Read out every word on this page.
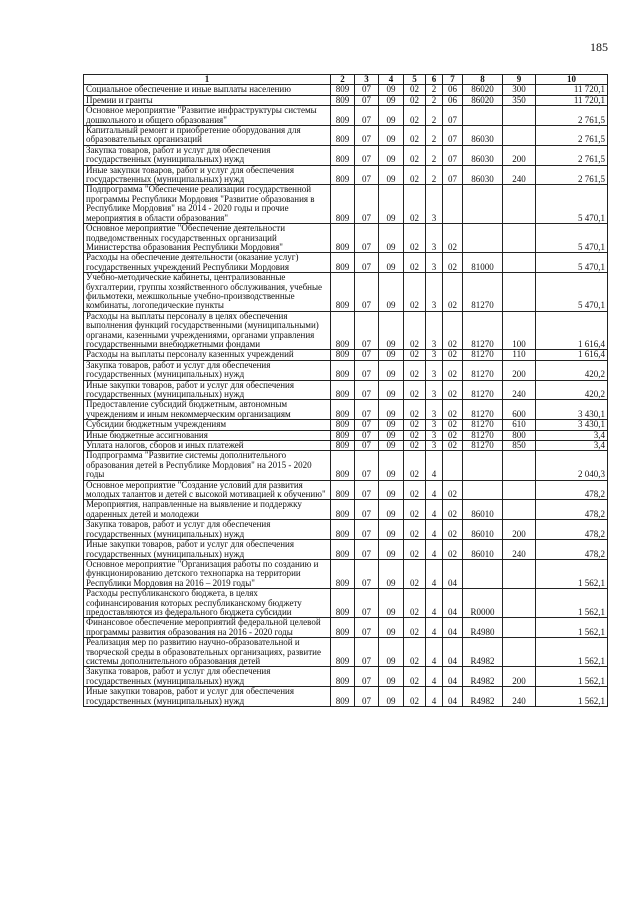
185
1	2	3	4	5	6	7	8	9	10
Социальное обеспечение и иные выплаты населению	809	07	09	02	2	06	86020	300	11 720,1
Премии и гранты	809	07	09	02	2	06	86020	350	11 720,1
Основное мероприятие "Развитие инфраструктуры системы дошкольного и общего образования"	809	07	09	02	2	07			2 761,5
Капитальный ремонт и приобретение оборудования для образовательных организаций	809	07	09	02	2	07	86030		2 761,5
Закупка товаров, работ и услуг для обеспечения государственных (муниципальных) нужд	809	07	09	02	2	07	86030	200	2 761,5
Иные закупки товаров, работ и услуг для обеспечения государственных (муниципальных) нужд	809	07	09	02	2	07	86030	240	2 761,5
Подпрограмма "Обеспечение реализации государственной программы Республики Мордовия "Развитие образования в Республике Мордовия" на 2014 - 2020 годы и прочие мероприятия в области образования"	809	07	09	02	3				5 470,1
Основное мероприятие "Обеспечение деятельности подведомственных государственных организаций Министерства образования Республики Мордовия"	809	07	09	02	3	02			5 470,1
Расходы на обеспечение деятельности (оказание услуг) государственных учреждений Республики Мордовия	809	07	09	02	3	02	81000		5 470,1
Учебно-методические кабинеты, централизованные бухгалтерии, группы хозяйственного обслуживания, учебные фильмотеки, межшкольные учебно-производственные комбинаты, логопедические пункты	809	07	09	02	3	02	81270		5 470,1
Расходы на выплаты персоналу в целях обеспечения выполнения функций государственными (муниципальными) органами, казенными учреждениями, органами управления государственными внебюджетными фондами	809	07	09	02	3	02	81270	100	1 616,4
Расходы на выплаты персоналу казенных учреждений	809	07	09	02	3	02	81270	110	1 616,4
Закупка товаров, работ и услуг для обеспечения государственных (муниципальных) нужд	809	07	09	02	3	02	81270	200	420,2
Иные закупки товаров, работ и услуг для обеспечения государственных (муниципальных) нужд	809	07	09	02	3	02	81270	240	420,2
Предоставление субсидий бюджетным, автономным учреждениям и иным некоммерческим организациям	809	07	09	02	3	02	81270	600	3 430,1
Субсидии бюджетным учреждениям	809	07	09	02	3	02	81270	610	3 430,1
Иные бюджетные ассигнования	809	07	09	02	3	02	81270	800	3,4
Уплата налогов, сборов и иных платежей	809	07	09	02	3	02	81270	850	3,4
Подпрограмма "Развитие системы дополнительного образования детей в Республике Мордовия" на 2015 - 2020 годы	809	07	09	02	4				2 040,3
Основное мероприятие "Создание условий для развития молодых талантов и детей с высокой мотивацией к обучению"	809	07	09	02	4	02			478,2
Мероприятия, направленные на выявление и поддержку одаренных детей и молодежи	809	07	09	02	4	02	86010		478,2
Закупка товаров, работ и услуг для обеспечения государственных (муниципальных) нужд	809	07	09	02	4	02	86010	200	478,2
Иные закупки товаров, работ и услуг для обеспечения государственных (муниципальных) нужд	809	07	09	02	4	02	86010	240	478,2
Основное мероприятие "Организация работы по созданию и функционированию детского технопарка на территории Республики Мордовия на 2016 – 2019 годы"	809	07	09	02	4	04			1 562,1
Расходы республиканского бюджета, в целях софинансирования которых республиканскому бюджету предоставляются из федерального бюджета субсидии	809	07	09	02	4	04	R0000		1 562,1
Финансовое обеспечение мероприятий федеральной целевой программы развития образования на 2016 - 2020 годы	809	07	09	02	4	04	R4980		1 562,1
Реализация мер по развитию научно-образовательной и творческой среды в образовательных организациях, развитие системы дополнительного образования детей	809	07	09	02	4	04	R4982		1 562,1
Закупка товаров, работ и услуг для обеспечения государственных (муниципальных) нужд	809	07	09	02	4	04	R4982	200	1 562,1
Иные закупки товаров, работ и услуг для обеспечения государственных (муниципальных) нужд	809	07	09	02	4	04	R4982	240	1 562,1
